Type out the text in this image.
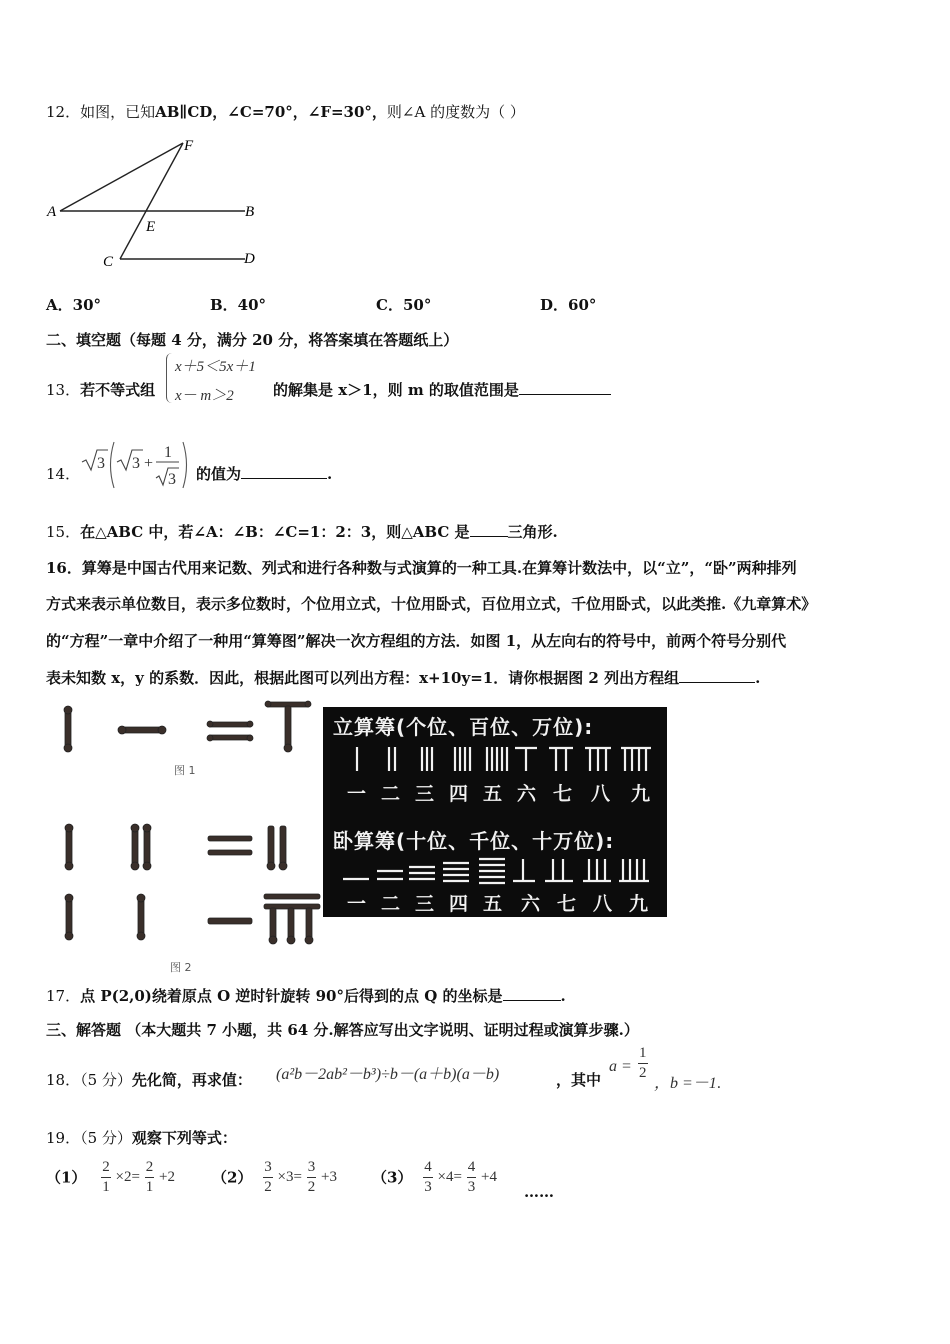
12．如图，已知AB∥CD，∠C=70°，∠F=30°，则∠A 的度数为（ ）
A	B
C	D
E
F
A．30°	B．40°	C．50°	D．60°
二、填空题（每题 4 分，满分 20 分，将答案填在答题纸上）
13．若不等式组
x＋5＜5x＋1
x－ m＞2	的解集是 x＞1，则 m 的取值范围是
14．
3 3 +
1
3 的值为	.
15．在△ABC 中，若∠A：∠B：∠C=1：2：3，则△ABC 是	三角形.
16．算筹是中国古代用来记数、列式和进行各种数与式演算的一种工具.在算筹计数法中，以“立”，“卧”两种排列
方式来表示单位数目，表示多位数时，个位用立式，十位用卧式，百位用立式，千位用卧式，以此类推.《九章算术》
的“方程”一章中介绍了一种用“算筹图”解决一次方程组的方法．如图 1，从左向右的符号中，前两个符号分别代
表未知数 x，y 的系数．因此，根据此图可以列出方程：x+10y=1．请你根据图 2 列出方程组	.
图 1
图 2
立算筹(个位、百位、万位):
一 二 三 四 五 六 七 八 九
卧算筹(十位、千位、十万位):
一 二 三 四 五 六 七 八 九
17．点 P(2,0)绕着原点 O 逆时针旋转 90°后得到的点 Q 的坐标是	.
三、解答题 （本大题共 7 小题，共 64 分.解答应写出文字说明、证明过程或演算步骤.）
18．（5 分）先化简，再求值： (a²b－2ab²－b³)÷b－(a＋b)(a－b)	，其中
$a = \frac{1}{2}$
，b =－1.
19．（5 分）观察下列等式：
$(1) \frac{2}{1} \times 2= \frac{2}{1} +2$ $(2) \frac{3}{2} \times 3= \frac{3}{2} +3$ $(3) \frac{4}{3} \times 4= \frac{4}{3} +4$
……
